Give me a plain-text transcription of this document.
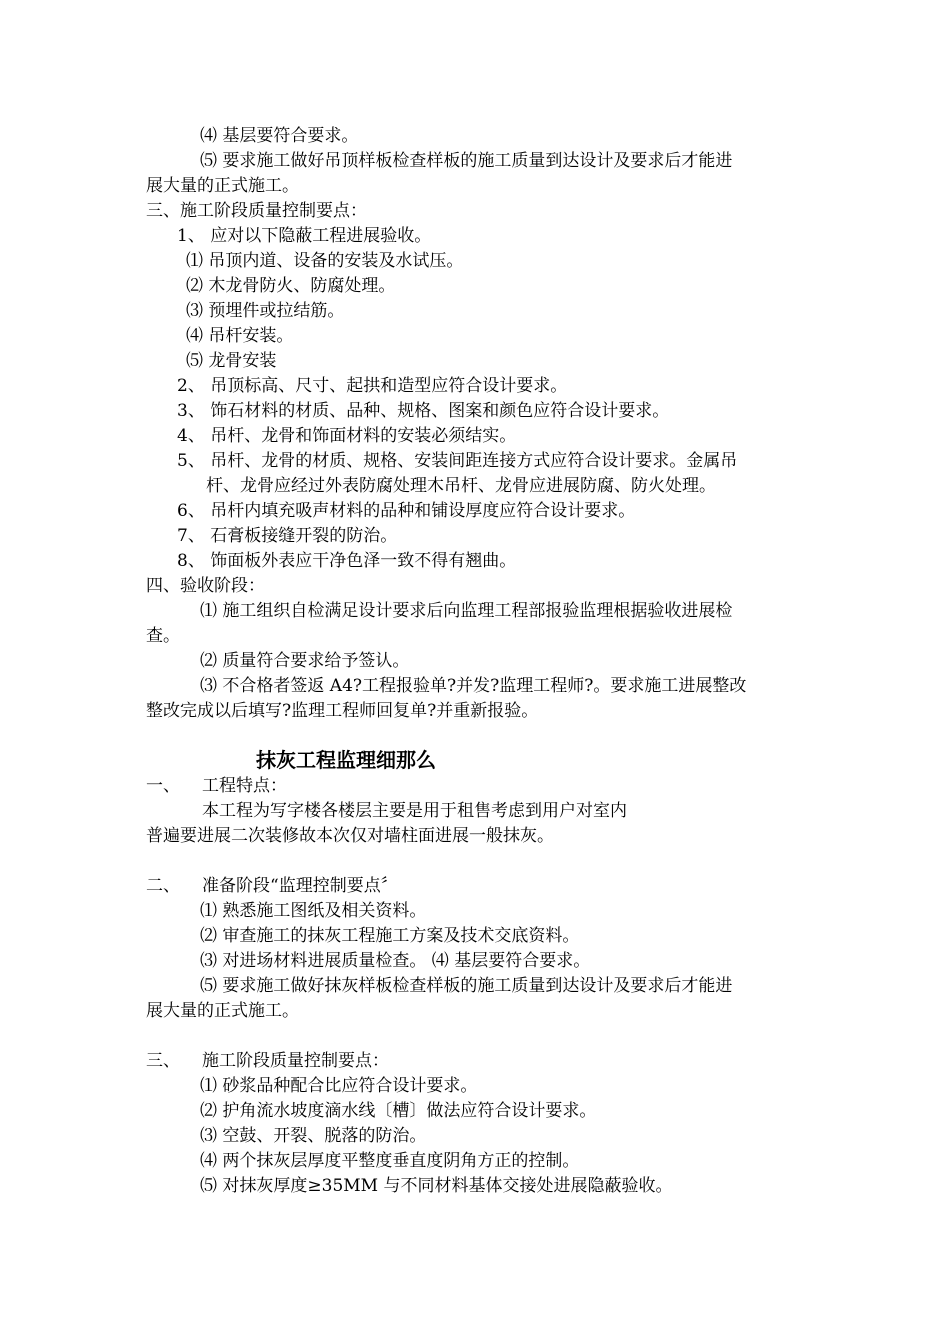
⑷ 基层要符合要求。
⑸ 要求施工做好吊顶样板检查样板的施工质量到达设计及要求后才能进
展大量的正式施工。
三、施工阶段质量控制要点：
1、 应对以下隐蔽工程进展验收。
⑴ 吊顶内道、设备的安装及水试压。
⑵ 木龙骨防火、防腐处理。
⑶ 预埋件或拉结筋。
⑷ 吊杆安装。
⑸ 龙骨安装
2、 吊顶标高、尺寸、起拱和造型应符合设计要求。
3、 饰石材料的材质、品种、规格、图案和颜色应符合设计要求。
4、 吊杆、龙骨和饰面材料的安装必须结实。
5、 吊杆、龙骨的材质、规格、安装间距连接方式应符合设计要求。金属吊
杆、龙骨应经过外表防腐处理木吊杆、龙骨应进展防腐、防火处理。
6、 吊杆内填充吸声材料的品种和铺设厚度应符合设计要求。
7、 石膏板接缝开裂的防治。
8、 饰面板外表应干净色泽一致不得有翘曲。
四、验收阶段：
⑴ 施工组织自检满足设计要求后向监理工程部报验监理根据验收进展检
查。
⑵ 质量符合要求给予签认。
⑶ 不合格者签返 A4?工程报验单?并发?监理工程师?。要求施工进展整改
整改完成以后填写?监理工程师回复单?并重新报验。
抹灰工程监理细那么
一、 工程特点：
本工程为写字楼各楼层主要是用于租售考虑到用户对室内
普遍要进展二次装修故本次仅对墙柱面进展一般抹灰。
二、 准备阶段“监理控制要点〞
⑴ 熟悉施工图纸及相关资料。
⑵ 审查施工的抹灰工程施工方案及技术交底资料。
⑶ 对进场材料进展质量检查。 ⑷ 基层要符合要求。
⑸ 要求施工做好抹灰样板检查样板的施工质量到达设计及要求后才能进
展大量的正式施工。
三、 施工阶段质量控制要点：
⑴ 砂浆品种配合比应符合设计要求。
⑵ 护角流水坡度滴水线〔槽〕做法应符合设计要求。
⑶ 空鼓、开裂、脱落的防治。
⑷ 两个抹灰层厚度平整度垂直度阴角方正的控制。
⑸ 对抹灰厚度≥35MM 与不同材料基体交接处进展隐蔽验收。
